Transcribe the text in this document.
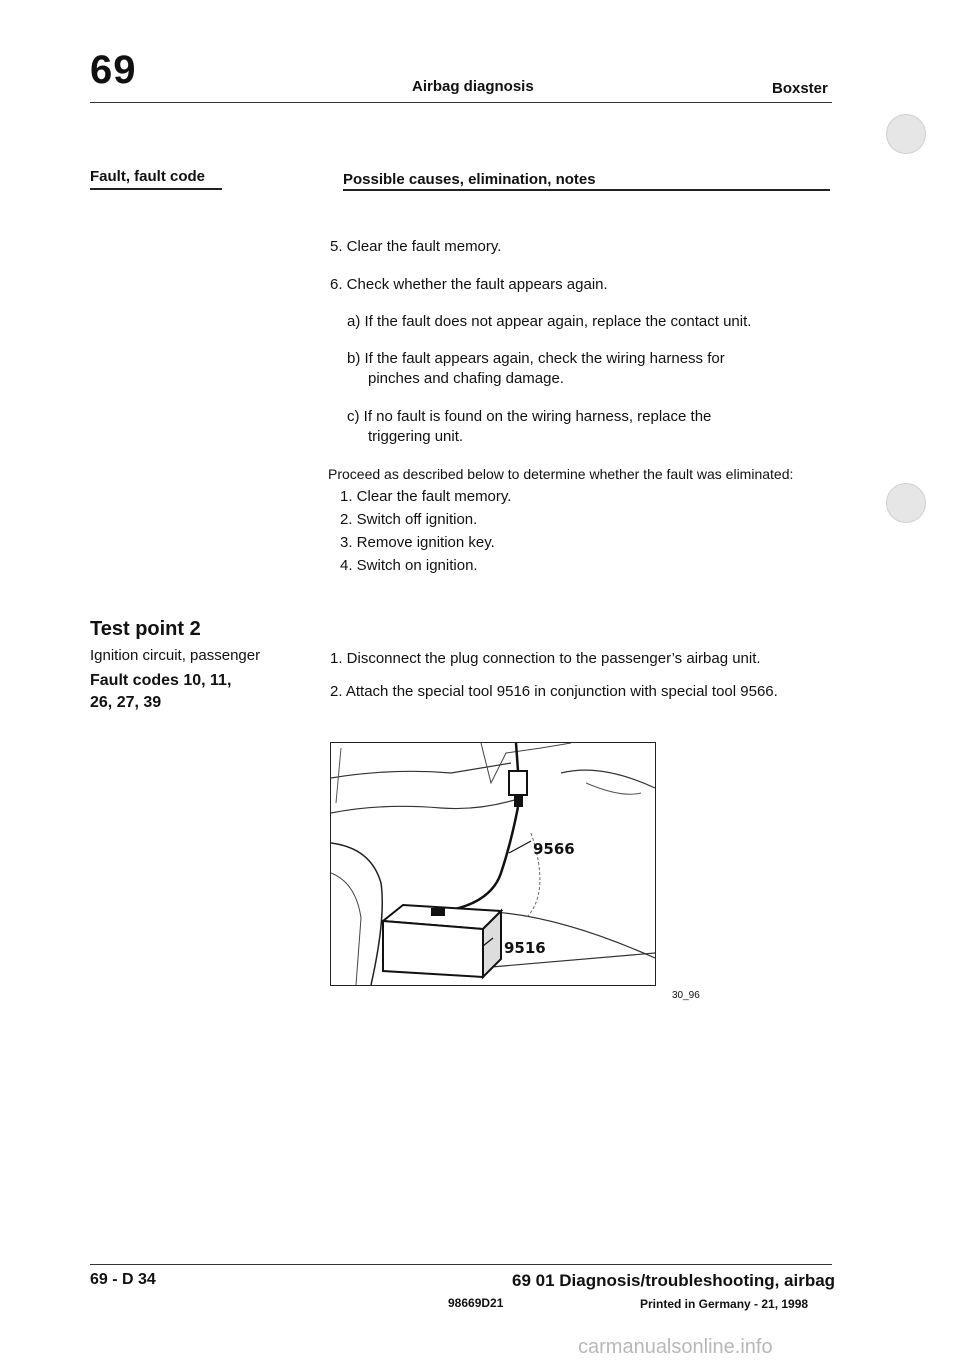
69	Airbag diagnosis	Boxster
Fault, fault code	Possible causes, elimination, notes
5. Clear the fault memory.
6. Check whether the fault appears again.
a) If the fault does not appear again, replace the contact unit.
b) If the fault appears again, check the wiring harness for
pinches and chafing damage.
c) If no fault is found on the wiring harness, replace the
triggering unit.
Proceed as described below to determine whether the fault was eliminated:
1. Clear the fault memory.
2. Switch off ignition.
3. Remove ignition key.
4. Switch on ignition.
Test point 2
Ignition circuit, passenger
Fault codes 10, 11,
26, 27, 39
1. Disconnect the plug connection to the passenger’s airbag unit.
2. Attach the special tool 9516 in conjunction with special tool 9566.
9566
9516
30_96
69 - D 34	69 01 Diagnosis/troubleshooting, airbag
98669D21	Printed in Germany - 21, 1998
carmanualsonline.info
